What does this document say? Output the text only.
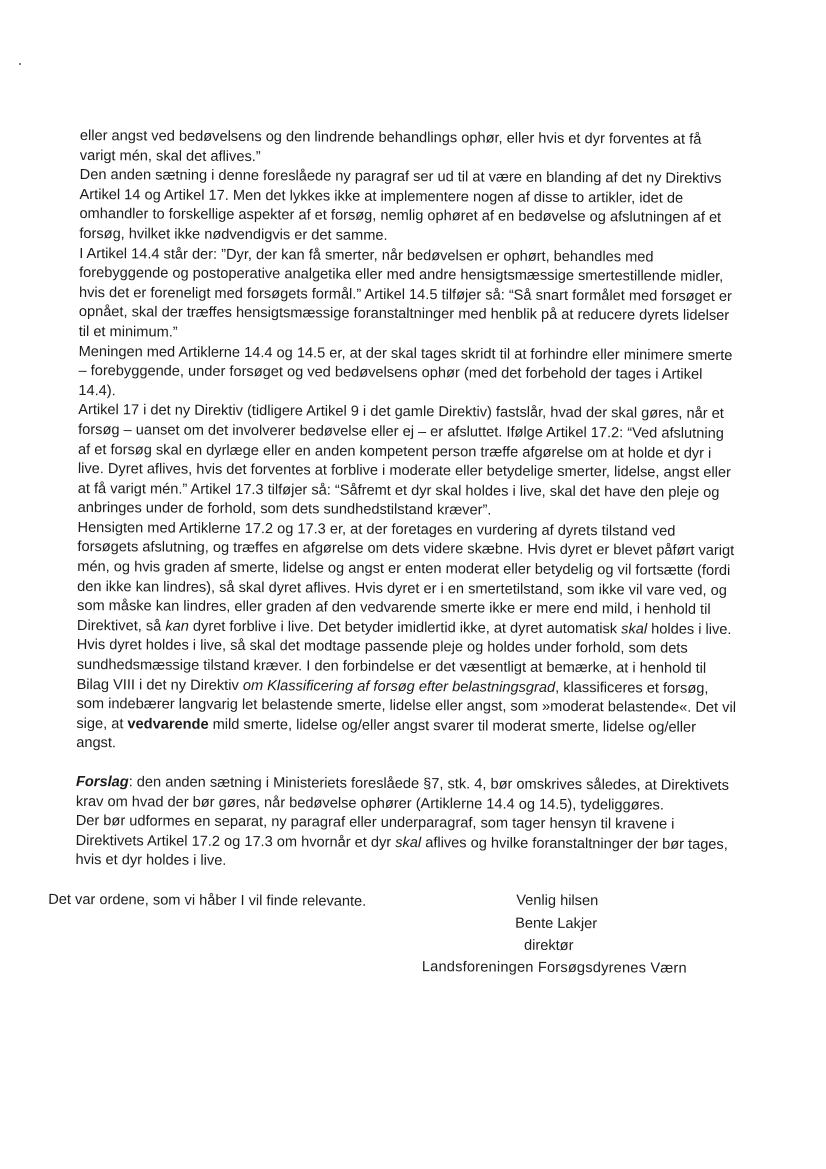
eller angst ved bedøvelsens og den lindrende behandlings ophør, eller hvis et dyr forventes at få varigt mén, skal det aflives.”

Den anden sætning i denne foreslåede ny paragraf ser ud til at være en blanding af det ny Direktivs Artikel 14 og Artikel 17. Men det lykkes ikke at implementere nogen af disse to artikler, idet de omhandler to forskellige aspekter af et forsøg, nemlig ophøret af en bedøvelse og afslutningen af et forsøg, hvilket ikke nødvendigvis er det samme.

I Artikel 14.4 står der: ”Dyr, der kan få smerter, når bedøvelsen er ophørt, behandles med forebyggende og postoperative analgetika eller med andre hensigtsmæssige smertestillende midler, hvis det er foreneligt med forsøgets formål.” Artikel 14.5 tilføjer så: “Så snart formålet med forsøget er opnået, skal der træffes hensigtsmæssige foranstaltninger med henblik på at reducere dyrets lidelser til et minimum.”

Meningen med Artiklerne 14.4 og 14.5 er, at der skal tages skridt til at forhindre eller minimere smerte – forebyggende, under forsøget og ved bedøvelsens ophør (med det forbehold der tages i Artikel 14.4).

Artikel 17 i det ny Direktiv (tidligere Artikel 9 i det gamle Direktiv) fastslår, hvad der skal gøres, når et forsøg – uanset om det involverer bedøvelse eller ej – er afsluttet. Ifølge Artikel 17.2: “Ved afslutning af et forsøg skal en dyrlæge eller en anden kompetent person træffe afgørelse om at holde et dyr i live. Dyret aflives, hvis det forventes at forblive i moderate eller betydelige smerter, lidelse, angst eller at få varigt mén.” Artikel 17.3 tilføjer så: “Såfremt et dyr skal holdes i live, skal det have den pleje og anbringes under de forhold, som dets sundhedstilstand kræver”.

Hensigten med Artiklerne 17.2 og 17.3 er, at der foretages en vurdering af dyrets tilstand ved forsøgets afslutning, og træffes en afgørelse om dets videre skæbne. Hvis dyret er blevet påført varigt mén, og hvis graden af smerte, lidelse og angst er enten moderat eller betydelig og vil fortsætte (fordi den ikke kan lindres), så skal dyret aflives. Hvis dyret er i en smertetilstand, som ikke vil vare ved, og som måske kan lindres, eller graden af den vedvarende smerte ikke er mere end mild, i henhold til Direktivet, så kan dyret forblive i live. Det betyder imidlertid ikke, at dyret automatisk skal holdes i live. Hvis dyret holdes i live, så skal det modtage passende pleje og holdes under forhold, som dets sundhedsmæssige tilstand kræver. I den forbindelse er det væsentligt at bemærke, at i henhold til Bilag VIII i det ny Direktiv om Klassificering af forsøg efter belastningsgrad, klassificeres et forsøg, som indebærer langvarig let belastende smerte, lidelse eller angst, som »moderat belastende«. Det vil sige, at vedvarende mild smerte, lidelse og/eller angst svarer til moderat smerte, lidelse og/eller angst.

Forslag: den anden sætning i Ministeriets foreslåede §7, stk. 4, bør omskrives således, at Direktivets krav om hvad der bør gøres, når bedøvelse ophører (Artiklerne 14.4 og 14.5), tydeliggøres.

Der bør udformes en separat, ny paragraf eller underparagraf, som tager hensyn til kravene i Direktivets Artikel 17.2 og 17.3 om hvornår et dyr skal aflives og hvilke foranstaltninger der bør tages, hvis et dyr holdes i live.

Det var ordene, som vi håber I vil finde relevante.	Venlig hilsen
Bente Lakjer
direktør
Landsforeningen Forsøgsdyrenes Værn
